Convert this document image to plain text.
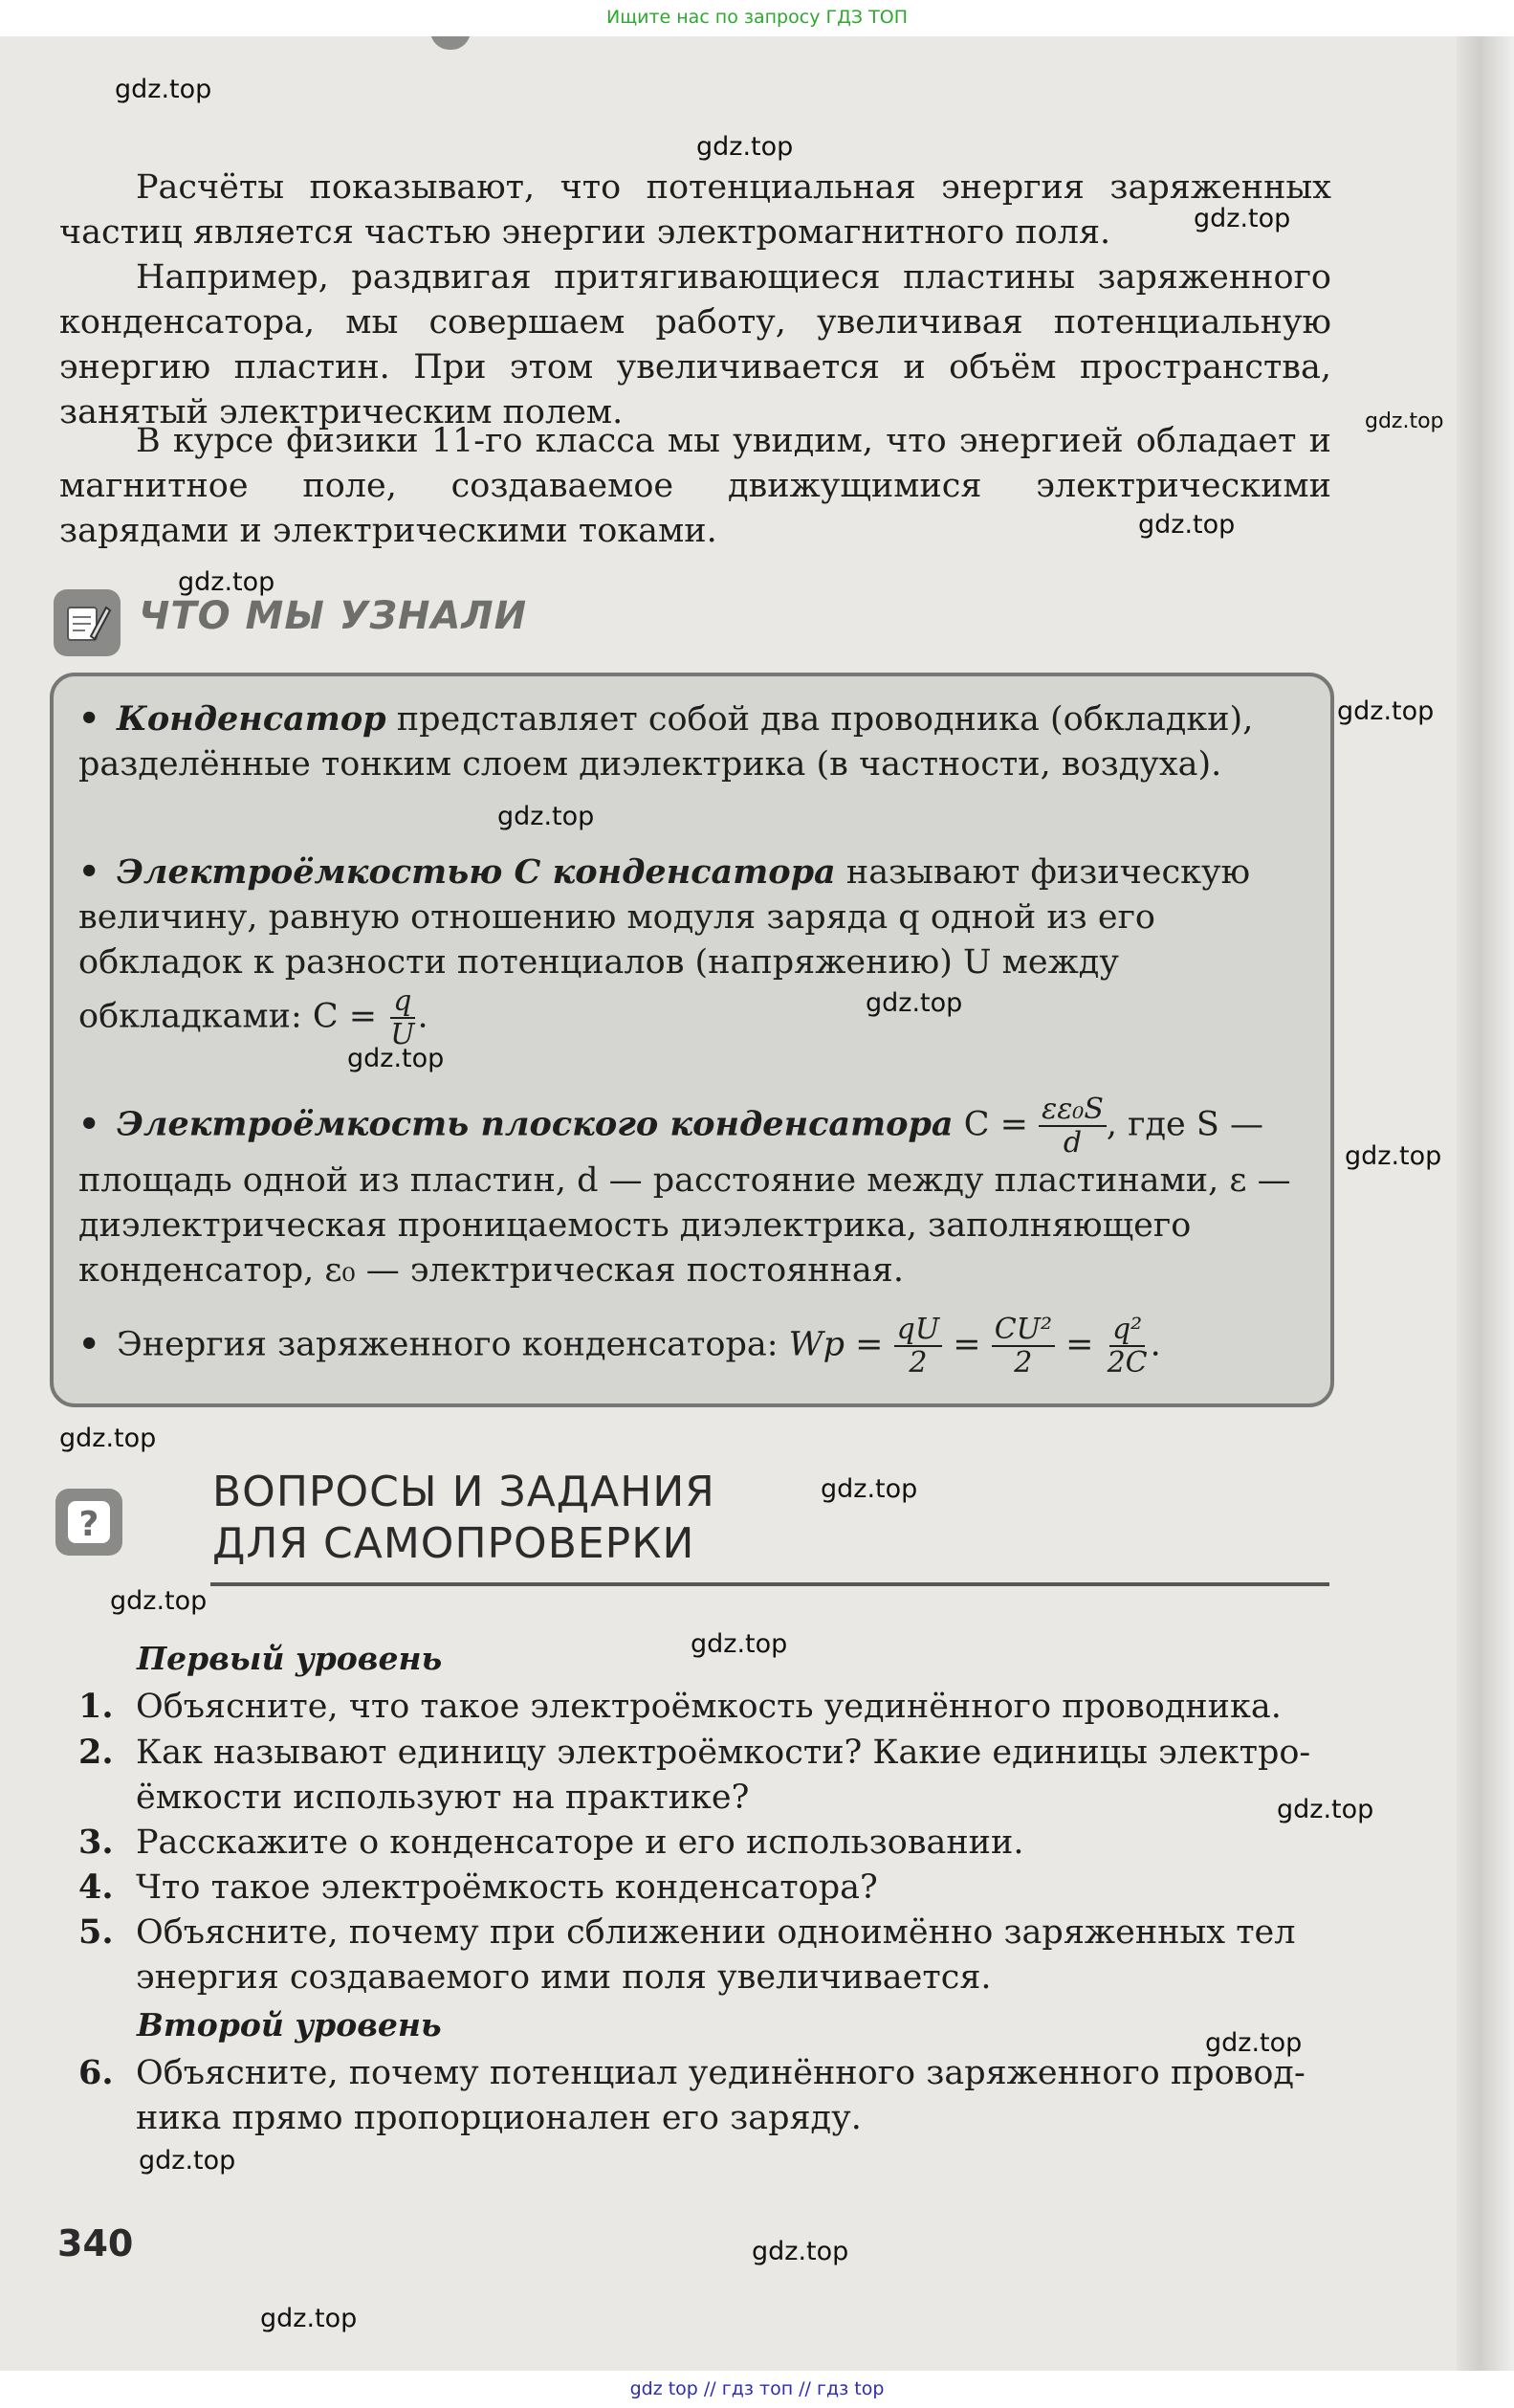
Ищите нас по запросу ГДЗ ТОП

Расчёты показывают, что потенциальная энергия заряженных частиц является частью энергии электромагнитного поля.

Например, раздвигая притягивающиеся пластины заряженного конденсатора, мы совершаем работу, увеличивая потенциальную энергию пластин. При этом увеличивается и объём пространства, занятый электрическим полем.

В курсе физики 11-го класса мы увидим, что энергией обладает и магнитное поле, создаваемое движущимися электрическими зарядами и электрическими токами.

ЧТО МЫ УЗНАЛИ

• Конденсатор представляет собой два проводника (обкладки), разделённые тонким слоем диэлектрика (в частности, воздуха).

• Электроёмкостью C конденсатора называют физическую величину, равную отношению модуля заряда q одной из его обкладок к разности потенциалов (напряжению) U между обкладками: $C = \frac{q}{U}$ .

• Электроёмкость плоского конденсатора $C = \frac{\text{εε₀S}}{d}$ , где S — площадь одной из пластин, d — расстояние между пластинами, ε — диэлектрическая проницаемость диэлектрика, заполняющего конденсатор, ε₀ — электрическая постоянная.

• Энергия заряженного конденсатора: $Wp = \frac{qU}{2} = \frac{\text{CU²}}{2} = \frac{\text{q²}}{2C}$ .

?
ВОПРОСЫ И ЗАДАНИЯ
ДЛЯ САМОПРОВЕРКИ
Первый уровень
1. Объясните, что такое электроёмкость уединённого проводника.
2. Как называют единицу электроёмкости? Какие единицы электро-
ёмкости используют на практике?
3. Расскажите о конденсаторе и его использовании.
4. Что такое электроёмкость конденсатора?
5. Объясните, почему при сближении одноимённо заряженных тел
энергия создаваемого ими поля увеличивается.
Второй уровень
6. Объясните, почему потенциал уединённого заряженного провод-
ника прямо пропорционален его заряду.
340
gdz.top
gdz.top
gdz.top
gdz.top
gdz.top
gdz.top
gdz.top
gdz.top
gdz.top
gdz.top
gdz.top
gdz.top
gdz.top
gdz.top
gdz.top
gdz.top
gdz.top
gdz.top
gdz.top
gdz.top
gdz top // гдз топ // гдз top
